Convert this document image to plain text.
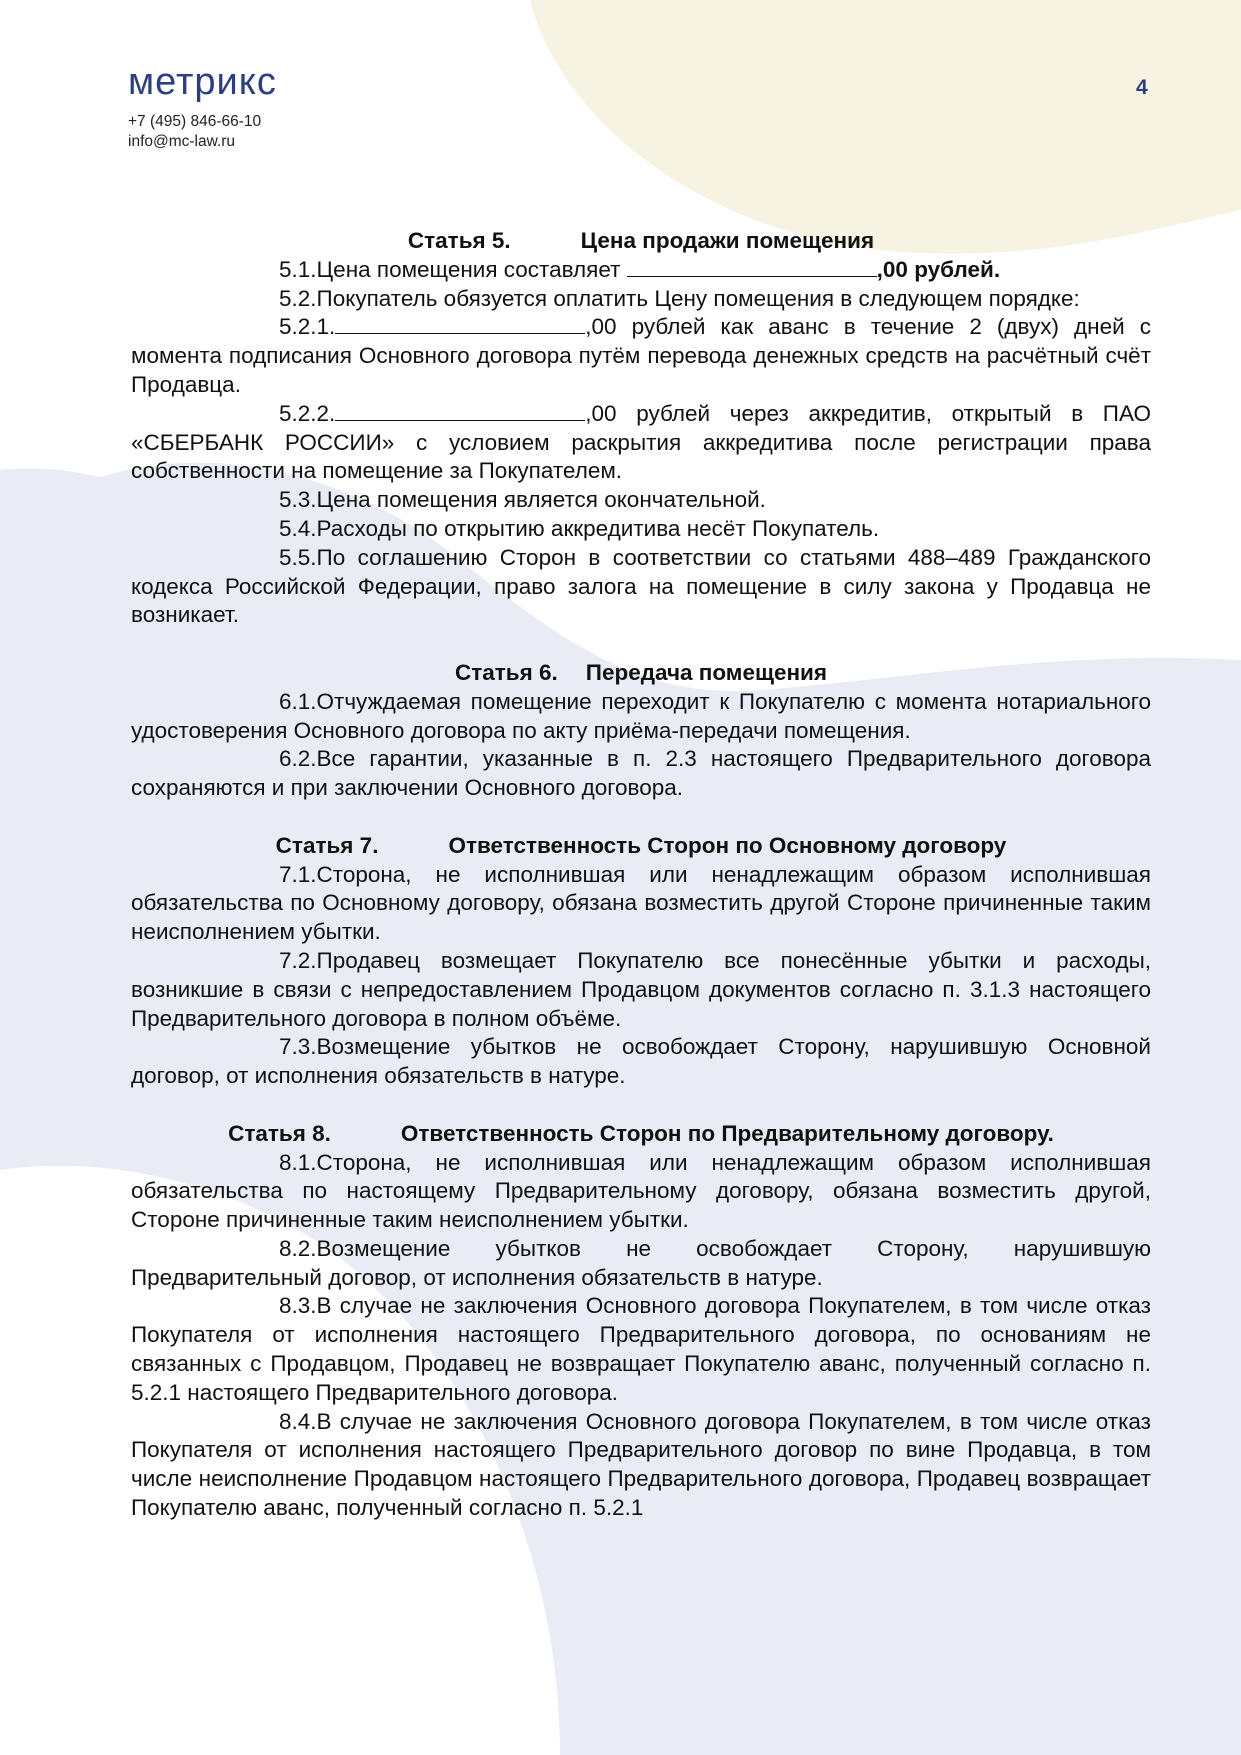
метрикс
+7 (495) 846-66-10
info@mc-law.ru
4
Статья 5.	Цена продажи помещения
5.1.Цена помещения составляет	,00 рублей.
5.2.Покупатель обязуется оплатить Цену помещения в следующем порядке:
5.2.1.	,00 рублей как аванс в течение 2 (двух) дней с момента подписания Основного договора путём перевода денежных средств на расчётный счёт Продавца.
5.2.2.	,00 рублей через аккредитив, открытый в ПАО «СБЕРБАНК РОССИИ» с условием раскрытия аккредитива после регистрации права собственности на помещение за Покупателем.
5.3.Цена помещения является окончательной.
5.4.Расходы по открытию аккредитива несёт Покупатель.
5.5.По соглашению Сторон в соответствии со статьями 488–489 Гражданского кодекса Российской Федерации, право залога на помещение в силу закона у Продавца не возникает.
Статья 6. Передача помещения
6.1.Отчуждаемая помещение переходит к Покупателю с момента нотариального удостоверения Основного договора по акту приёма-передачи помещения.
6.2.Все гарантии, указанные в п. 2.3 настоящего Предварительного договора сохраняются и при заключении Основного договора.
Статья 7.	Ответственность Сторон по Основному договору
7.1.Сторона, не исполнившая или ненадлежащим образом исполнившая обязательства по Основному договору, обязана возместить другой Стороне причиненные таким неисполнением убытки.
7.2.Продавец возмещает Покупателю все понесённые убытки и расходы, возникшие в связи с непредоставлением Продавцом документов согласно п. 3.1.3 настоящего Предварительного договора в полном объёме.
7.3.Возмещение убытков не освобождает Сторону, нарушившую Основной договор, от исполнения обязательств в натуре.
Статья 8.	Ответственность Сторон по Предварительному договору.
8.1.Сторона, не исполнившая или ненадлежащим образом исполнившая обязательства по настоящему Предварительному договору, обязана возместить другой, Стороне причиненные таким неисполнением убытки.
8.2.Возмещение убытков не освобождает Сторону, нарушившую Предварительный договор, от исполнения обязательств в натуре.
8.3.В случае не заключения Основного договора Покупателем, в том числе отказ Покупателя от исполнения настоящего Предварительного договора, по основаниям не связанных с Продавцом, Продавец не возвращает Покупателю аванс, полученный согласно п. 5.2.1 настоящего Предварительного договора.
8.4.В случае не заключения Основного договора Покупателем, в том числе отказ Покупателя от исполнения настоящего Предварительного договор по вине Продавца, в том числе неисполнение Продавцом настоящего Предварительного договора, Продавец возвращает Покупателю аванс, полученный согласно п. 5.2.1
